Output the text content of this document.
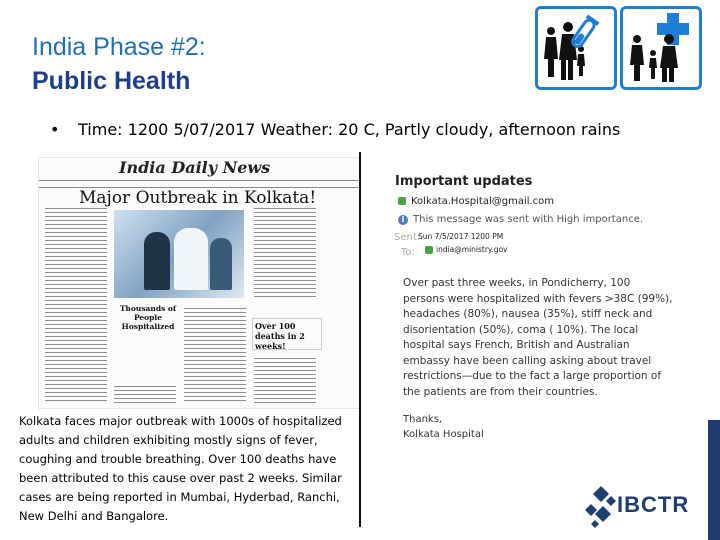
India Phase #2:
Public Health
• Time: 1200 5/07/2017 Weather: 20 C, Partly cloudy, afternoon rains
India Daily News
Major Outbreak in Kolkata!
Thousands of People Hospitalized	Over 100 deaths in 2 weeks!
Kolkata faces major outbreak with 1000s of hospitalized adults and children exhibiting mostly signs of fever, coughing and trouble breathing. Over 100 deaths have been attributed to this cause over past 2 weeks. Similar cases are being reported in Mumbai, Hyderbad, Ranchi, New Delhi and Bangalore.
Important updates
Kolkata.Hospital@gmail.com
i This message was sent with High importance.
Sent:
Sun 7/5/2017 1200 PM
To:	india@ministry.gov
Over past three weeks, in Pondicherry, 100 persons were hospitalized with fevers >38C (99%), headaches (80%), nausea (35%), stiff neck and disorientation (50%), coma ( 10%). The local hospital says French, British and Australian embassy have been calling asking about travel restrictions—due to the fact a large proportion of the patients are from their countries.
Thanks,
Kolkata Hospital
IBCTR
